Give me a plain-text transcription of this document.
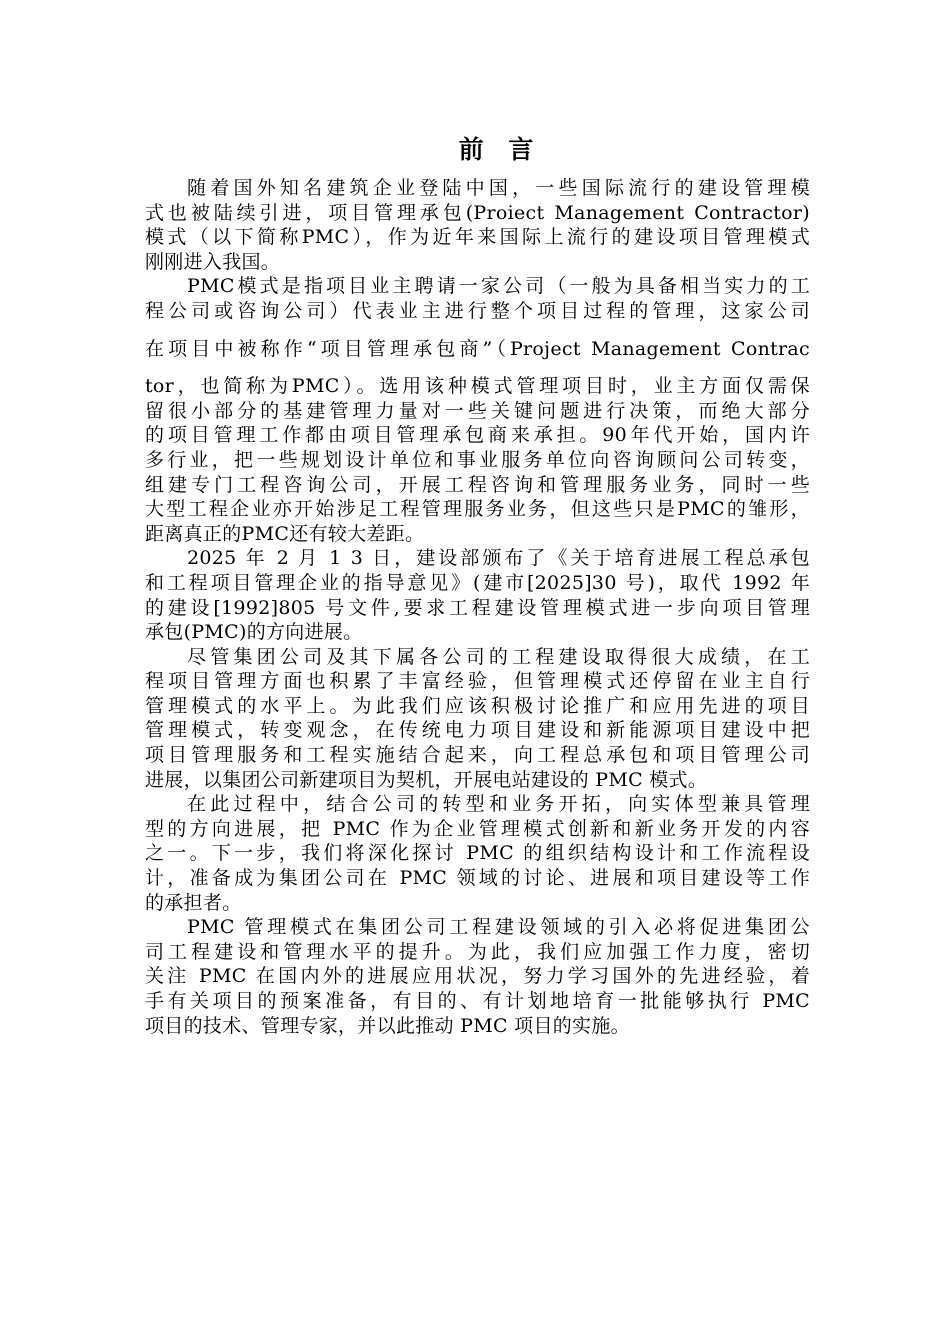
前 言
随着国外知名建筑企业登陆中国，一些国际流行的建设管理模
式也被陆续引进，项目管理承包(Proiect Management Contractor)
模式（以下简称PMC），作为近年来国际上流行的建设项目管理模式
刚刚进入我国。
PMC模式是指项目业主聘请一家公司（一般为具备相当实力的工
程公司或咨询公司）代表业主进行整个项目过程的管理，这家公司
在项目中被称作“项目管理承包商”（Project Management Contrac
tor，也简称为PMC）。选用该种模式管理项目时，业主方面仅需保
留很小部分的基建管理力量对一些关键问题进行决策，而绝大部分
的项目管理工作都由项目管理承包商来承担。90年代开始，国内许
多行业，把一些规划设计单位和事业服务单位向咨询顾问公司转变，
组建专门工程咨询公司，开展工程咨询和管理服务业务，同时一些
大型工程企业亦开始涉足工程管理服务业务，但这些只是PMC的雏形，
距离真正的PMC还有较大差距。
2025 年 2 月 1 3 日，建设部颁布了《关于培育进展工程总承包
和工程项目管理企业的指导意见》(建市[2025]30 号)，取代 1992 年
的建设[1992]805 号文件,要求工程建设管理模式进一步向项目管理
承包(PMC)的方向进展。
尽管集团公司及其下属各公司的工程建设取得很大成绩，在工
程项目管理方面也积累了丰富经验，但管理模式还停留在业主自行
管理模式的水平上。为此我们应该积极讨论推广和应用先进的项目
管理模式，转变观念，在传统电力项目建设和新能源项目建设中把
项目管理服务和工程实施结合起来，向工程总承包和项目管理公司
进展，以集团公司新建项目为契机，开展电站建设的 PMC 模式。
在此过程中，结合公司的转型和业务开拓，向实体型兼具管理
型的方向进展，把 PMC 作为企业管理模式创新和新业务开发的内容
之一。下一步，我们将深化探讨 PMC 的组织结构设计和工作流程设
计，准备成为集团公司在 PMC 领域的讨论、进展和项目建设等工作
的承担者。
PMC 管理模式在集团公司工程建设领域的引入必将促进集团公
司工程建设和管理水平的提升。为此，我们应加强工作力度，密切
关注 PMC 在国内外的进展应用状况，努力学习国外的先进经验，着
手有关项目的预案准备，有目的、有计划地培育一批能够执行 PMC
项目的技术、管理专家，并以此推动 PMC 项目的实施。
